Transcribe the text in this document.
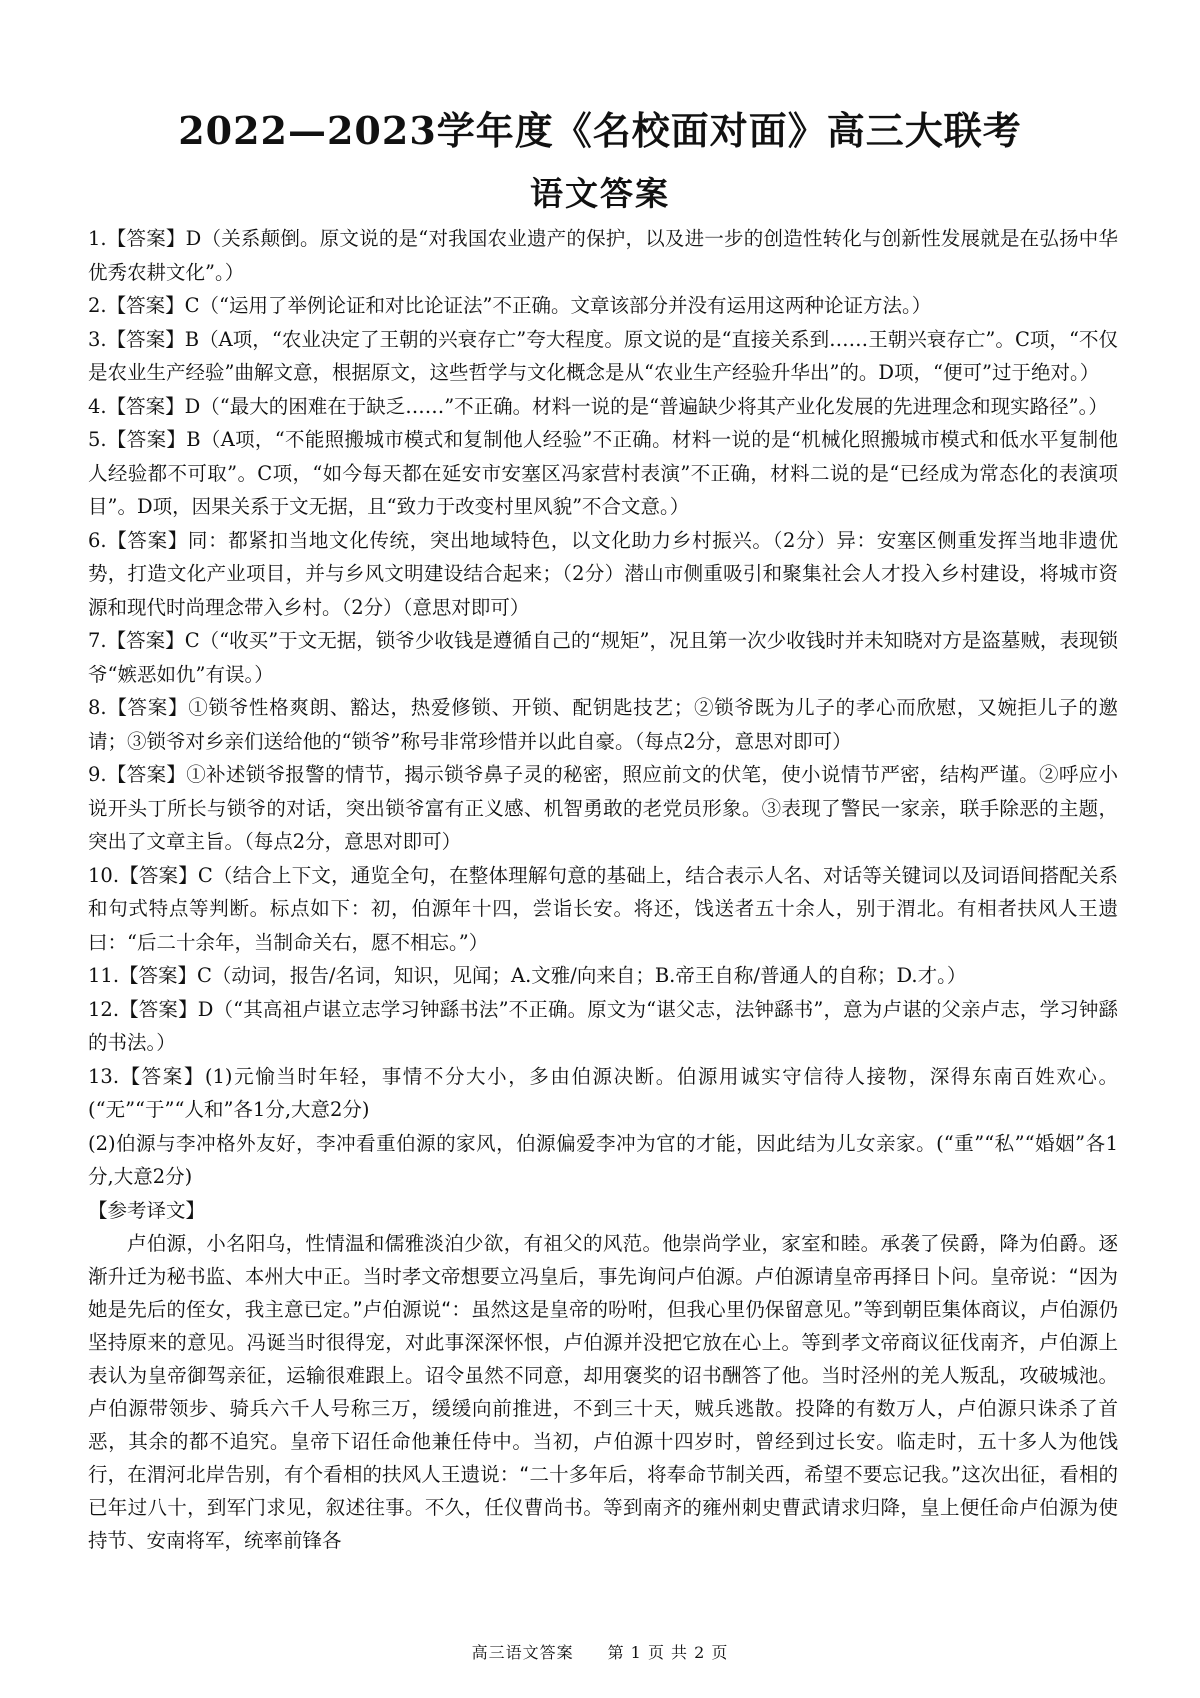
2022—2023学年度《名校面对面》高三大联考
语文答案

1.【答案】D（关系颠倒。原文说的是“对我国农业遗产的保护，以及进一步的创造性转化与创新性发展就是在弘扬中华优秀农耕文化”。）

2.【答案】C（“运用了举例论证和对比论证法”不正确。文章该部分并没有运用这两种论证方法。）

3.【答案】B（A项，“农业决定了王朝的兴衰存亡”夸大程度。原文说的是“直接关系到……王朝兴衰存亡”。C项，“不仅是农业生产经验”曲解文意，根据原文，这些哲学与文化概念是从“农业生产经验升华出”的。D项，“便可”过于绝对。）

4.【答案】D（“最大的困难在于缺乏……”不正确。材料一说的是“普遍缺少将其产业化发展的先进理念和现实路径”。）

5.【答案】B（A项，“不能照搬城市模式和复制他人经验”不正确。材料一说的是“机械化照搬城市模式和低水平复制他人经验都不可取”。C项，“如今每天都在延安市安塞区冯家营村表演”不正确，材料二说的是“已经成为常态化的表演项目”。D项，因果关系于文无据，且“致力于改变村里风貌”不合文意。）

6.【答案】同：都紧扣当地文化传统，突出地域特色，以文化助力乡村振兴。（2分）异：安塞区侧重发挥当地非遗优势，打造文化产业项目，并与乡风文明建设结合起来；（2分）潜山市侧重吸引和聚集社会人才投入乡村建设，将城市资源和现代时尚理念带入乡村。（2分）（意思对即可）

7.【答案】C（“收买”于文无据，锁爷少收钱是遵循自己的“规矩”，况且第一次少收钱时并未知晓对方是盗墓贼，表现锁爷“嫉恶如仇”有误。）

8.【答案】①锁爷性格爽朗、豁达，热爱修锁、开锁、配钥匙技艺；②锁爷既为儿子的孝心而欣慰，又婉拒儿子的邀请；③锁爷对乡亲们送给他的“锁爷”称号非常珍惜并以此自豪。（每点2分，意思对即可）

9.【答案】①补述锁爷报警的情节，揭示锁爷鼻子灵的秘密，照应前文的伏笔，使小说情节严密，结构严谨。②呼应小说开头丁所长与锁爷的对话，突出锁爷富有正义感、机智勇敢的老党员形象。③表现了警民一家亲，联手除恶的主题，突出了文章主旨。（每点2分，意思对即可）

10.【答案】C（结合上下文，通览全句，在整体理解句意的基础上，结合表示人名、对话等关键词以及词语间搭配关系和句式特点等判断。标点如下：初，伯源年十四，尝诣长安。将还，饯送者五十余人，别于渭北。有相者扶风人王遗曰：“后二十余年，当制命关右，愿不相忘。”）

11.【答案】C（动词，报告/名词，知识，见闻；A.文雅/向来自；B.帝王自称/普通人的自称；D.才。）

12.【答案】D（“其高祖卢谌立志学习钟繇书法”不正确。原文为“谌父志，法钟繇书”，意为卢谌的父亲卢志，学习钟繇的书法。）

13.【答案】(1)元愉当时年轻，事情不分大小，多由伯源决断。伯源用诚实守信待人接物，深得东南百姓欢心。(“无”“于”“人和”各1分,大意2分)

(2)伯源与李冲格外友好，李冲看重伯源的家风，伯源偏爱李冲为官的才能，因此结为儿女亲家。(“重”“私”“婚姻”各1分,大意2分)

【参考译文】

卢伯源，小名阳乌，性情温和儒雅淡泊少欲，有祖父的风范。他崇尚学业，家室和睦。承袭了侯爵，降为伯爵。逐渐升迁为秘书监、本州大中正。当时孝文帝想要立冯皇后，事先询问卢伯源。卢伯源请皇帝再择日卜问。皇帝说：“因为她是先后的侄女，我主意已定。”卢伯源说“：虽然这是皇帝的吩咐，但我心里仍保留意见。”等到朝臣集体商议，卢伯源仍坚持原来的意见。冯诞当时很得宠，对此事深深怀恨，卢伯源并没把它放在心上。等到孝文帝商议征伐南齐，卢伯源上表认为皇帝御驾亲征，运输很难跟上。诏令虽然不同意，却用褒奖的诏书酬答了他。当时泾州的羌人叛乱，攻破城池。卢伯源带领步、骑兵六千人号称三万，缓缓向前推进，不到三十天，贼兵逃散。投降的有数万人，卢伯源只诛杀了首恶，其余的都不追究。皇帝下诏任命他兼任侍中。当初，卢伯源十四岁时，曾经到过长安。临走时，五十多人为他饯行，在渭河北岸告别，有个看相的扶风人王遗说：“二十多年后，将奉命节制关西，希望不要忘记我。”这次出征，看相的已年过八十，到军门求见，叙述往事。不久，任仪曹尚书。等到南齐的雍州刺史曹武请求归降，皇上便任命卢伯源为使持节、安南将军，统率前锋各

高三语文答案　　第 1 页 共 2 页
